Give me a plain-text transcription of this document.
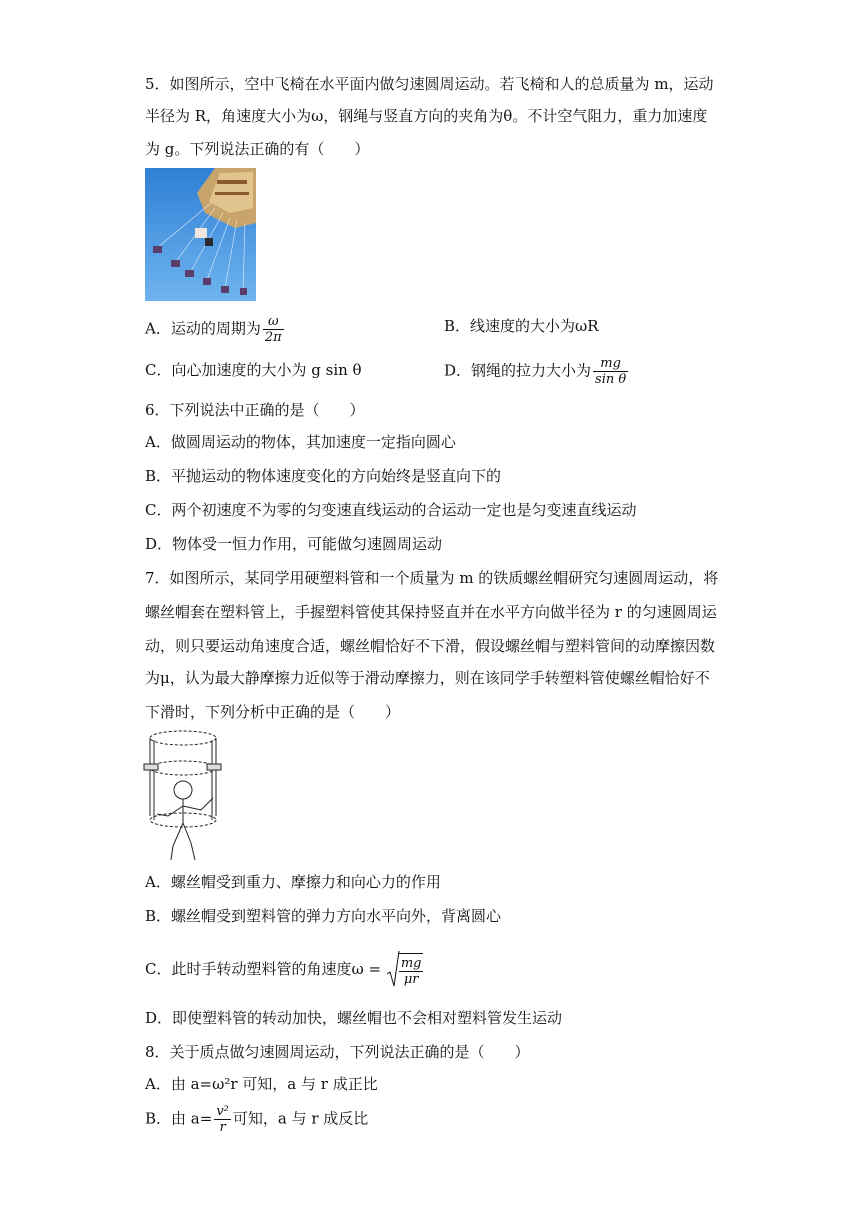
5．如图所示，空中飞椅在水平面内做匀速圆周运动。若飞椅和人的总质量为 m，运动
半径为 R，角速度大小为ω，钢绳与竖直方向的夹角为θ。不计空气阻力，重力加速度
为 g。下列说法正确的有（　　）
A．运动的周期为 $\frac{\omega}{2\pi}$	B．线速度的大小为ωR
C．向心加速度的大小为 g sin θ	D．钢绳的拉力大小为 $\frac{mg}{\text{sin θ}}$
6．下列说法中正确的是（　　）
A．做圆周运动的物体，其加速度一定指向圆心
B．平抛运动的物体速度变化的方向始终是竖直向下的
C．两个初速度不为零的匀变速直线运动的合运动一定也是匀变速直线运动
D．物体受一恒力作用，可能做匀速圆周运动
7．如图所示，某同学用硬塑料管和一个质量为 m 的铁质螺丝帽研究匀速圆周运动，将
螺丝帽套在塑料管上，手握塑料管使其保持竖直并在水平方向做半径为 r 的匀速圆周运
动，则只要运动角速度合适，螺丝帽恰好不下滑，假设螺丝帽与塑料管间的动摩擦因数
为μ，认为最大静摩擦力近似等于滑动摩擦力，则在该同学手转塑料管使螺丝帽恰好不
下滑时，下列分析中正确的是（　　）
A．螺丝帽受到重力、摩擦力和向心力的作用
B．螺丝帽受到塑料管的弹力方向水平向外，背离圆心
C．此时手转动塑料管的角速度$\omega = \frac{mg}{\mu r}$
D．即使塑料管的转动加快，螺丝帽也不会相对塑料管发生运动
8．关于质点做匀速圆周运动，下列说法正确的是（　　）
A．由 a=ω²r 可知，a 与 r 成正比
B．由 $a= \frac{\text{v²}}{r}$ 可知，a 与 r 成反比
